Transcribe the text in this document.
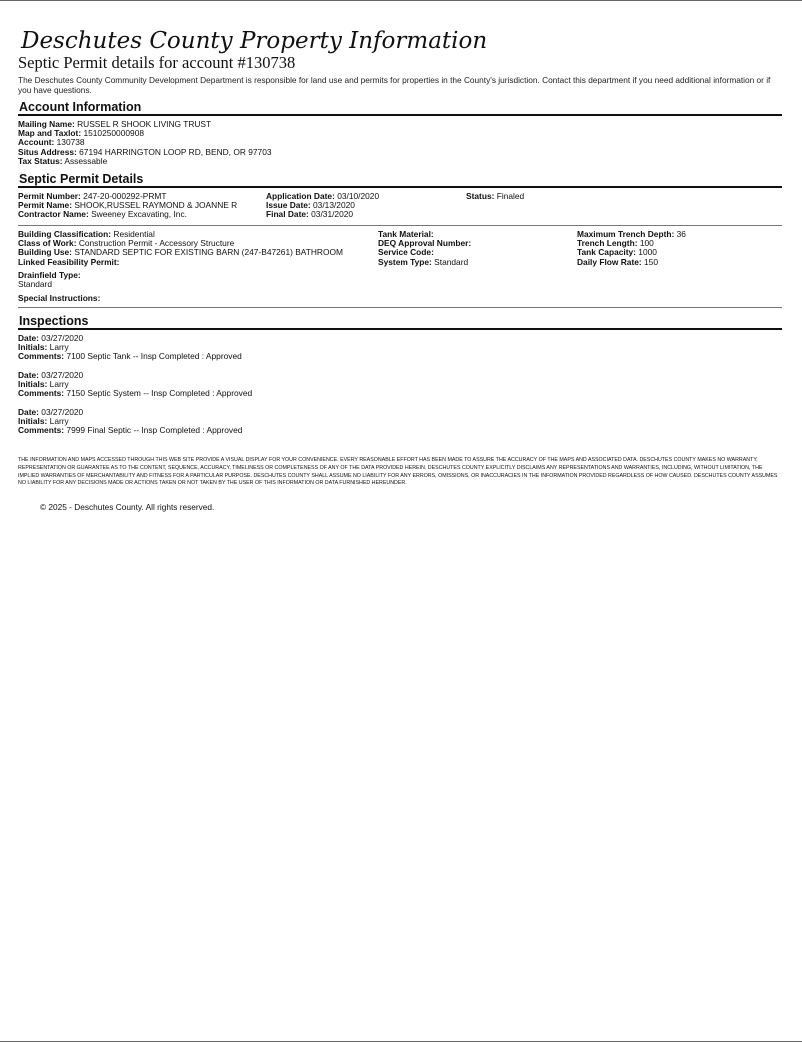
Deschutes County Property Information
Septic Permit details for account #130738
The Deschutes County Community Development Department is responsible for land use and permits for properties in the County's jurisdiction. Contact this department if you need additional information or if you have questions.
Account Information
Mailing Name: RUSSEL R SHOOK LIVING TRUST
Map and Taxlot: 1510250000908
Account: 130738
Situs Address: 67194 HARRINGTON LOOP RD, BEND, OR 97703
Tax Status: Assessable
Septic Permit Details
Permit Number: 247-20-000292-PRMT
Permit Name: SHOOK,RUSSEL RAYMOND & JOANNE R
Contractor Name: Sweeney Excavating, Inc.
Application Date: 03/10/2020
Issue Date: 03/13/2020
Final Date: 03/31/2020
Status: Finaled
Building Classification: Residential
Class of Work: Construction Permit - Accessory Structure
Building Use: STANDARD SEPTIC FOR EXISTING BARN (247-B47261) BATHROOM
Linked Feasibility Permit:
Tank Material:
DEQ Approval Number:
Service Code:
System Type: Standard
Maximum Trench Depth: 36
Trench Length: 100
Tank Capacity: 1000
Daily Flow Rate: 150
Drainfield Type:
Standard
Special Instructions:
Inspections
Date: 03/27/2020
Initials: Larry
Comments: 7100 Septic Tank -- Insp Completed : Approved
Date: 03/27/2020
Initials: Larry
Comments: 7150 Septic System -- Insp Completed : Approved
Date: 03/27/2020
Initials: Larry
Comments: 7999 Final Septic -- Insp Completed : Approved
THE INFORMATION AND MAPS ACCESSED THROUGH THIS WEB SITE PROVIDE A VISUAL DISPLAY FOR YOUR CONVENIENCE. EVERY REASONABLE EFFORT HAS BEEN MADE TO ASSURE THE ACCURACY OF THE MAPS AND ASSOCIATED DATA. DESCHUTES COUNTY MAKES NO WARRANTY, REPRESENTATION OR GUARANTEE AS TO THE CONTENT, SEQUENCE, ACCURACY, TIMELINESS OR COMPLETENESS OF ANY OF THE DATA PROVIDED HEREIN. DESCHUTES COUNTY EXPLICITLY DISCLAIMS ANY REPRESENTATIONS AND WARRANTIES, INCLUDING, WITHOUT LIMITATION, THE IMPLIED WARRANTIES OF MERCHANTABILITY AND FITNESS FOR A PARTICULAR PURPOSE. DESCHUTES COUNTY SHALL ASSUME NO LIABILITY FOR ANY ERRORS, OMISSIONS, OR INACCURACIES IN THE INFORMATION PROVIDED REGARDLESS OF HOW CAUSED. DESCHUTES COUNTY ASSUMES NO LIABILITY FOR ANY DECISIONS MADE OR ACTIONS TAKEN OR NOT TAKEN BY THE USER OF THIS INFORMATION OR DATA FURNISHED HEREUNDER.
© 2025 - Deschutes County. All rights reserved.
